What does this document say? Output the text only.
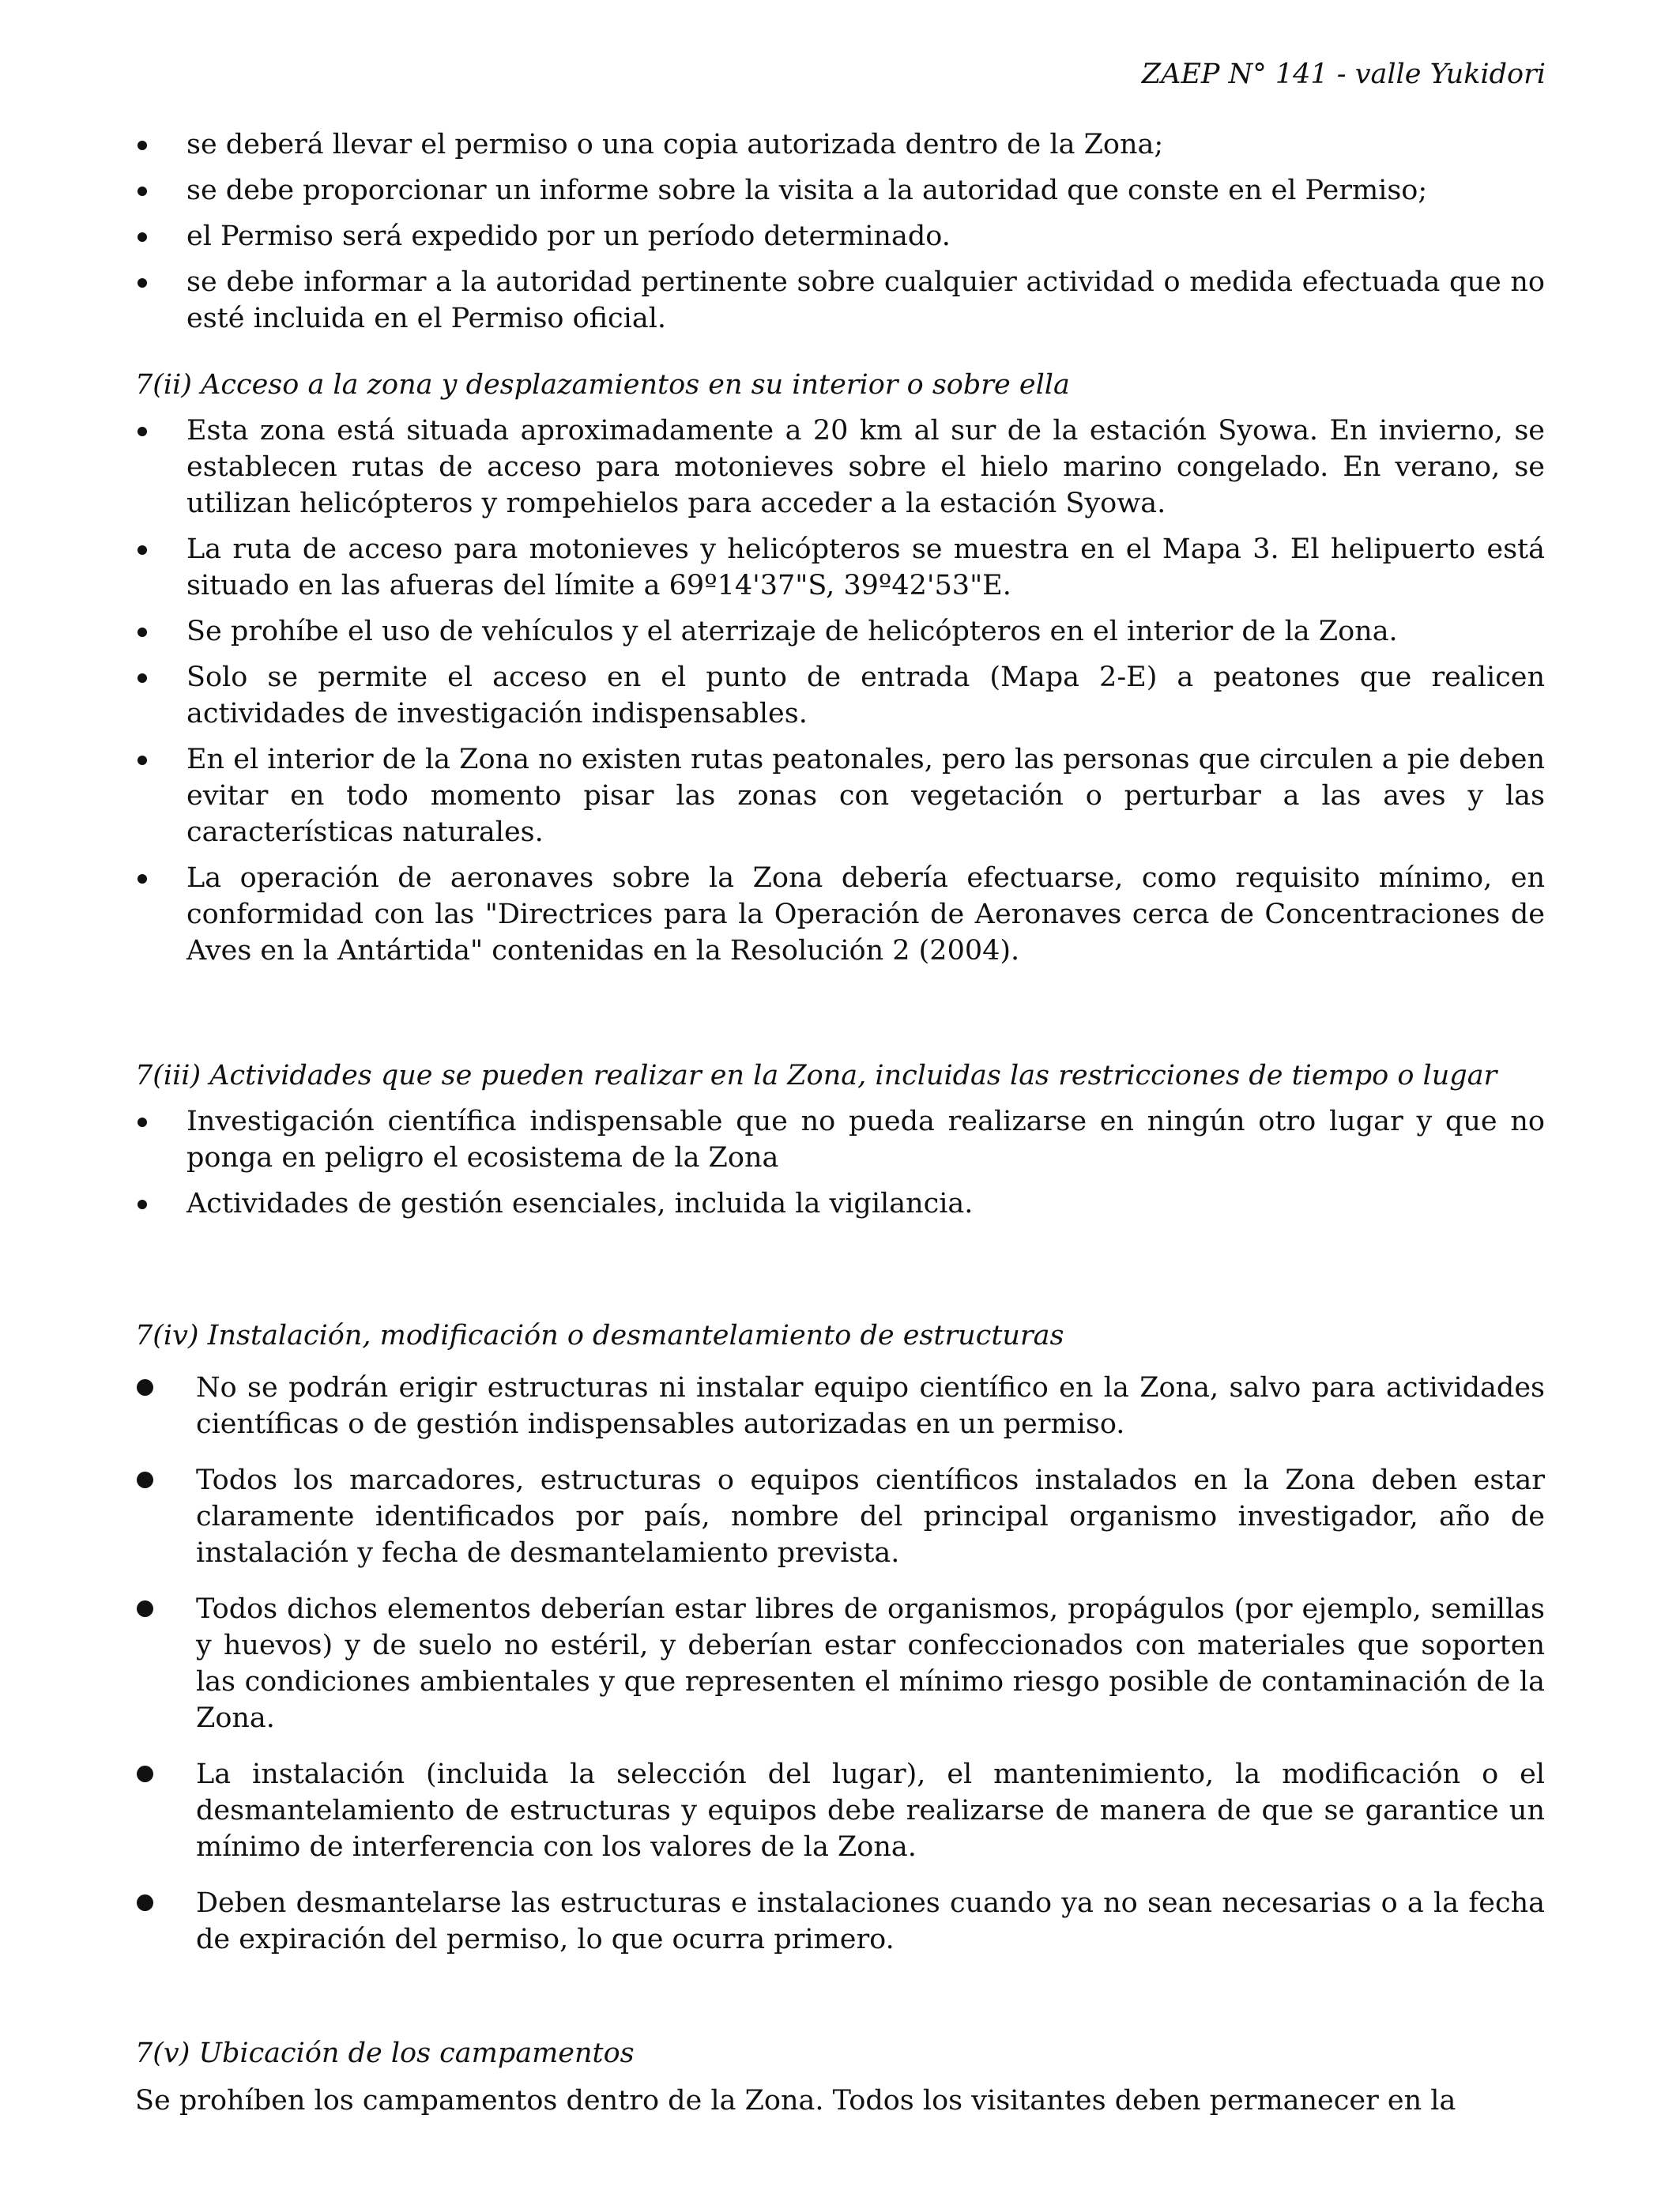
ZAEP N° 141 - valle Yukidori
se deberá llevar el permiso o una copia autorizada dentro de la Zona;
se debe proporcionar un informe sobre la visita a la autoridad que conste en el Permiso;
el Permiso será expedido por un período determinado.
se debe informar a la autoridad pertinente sobre cualquier actividad o medida efectuada que no esté incluida en el Permiso oficial.
7(ii) Acceso a la zona y desplazamientos en su interior o sobre ella
Esta zona está situada aproximadamente a 20 km al sur de la estación Syowa. En invierno, se establecen rutas de acceso para motonieves sobre el hielo marino congelado. En verano, se utilizan helicópteros y rompehielos para acceder a la estación Syowa.
La ruta de acceso para motonieves y helicópteros se muestra en el Mapa 3. El helipuerto está situado en las afueras del límite a 69º14'37"S, 39º42'53"E.
Se prohíbe el uso de vehículos y el aterrizaje de helicópteros en el interior de la Zona.
Solo se permite el acceso en el punto de entrada (Mapa 2-E) a peatones que realicen actividades de investigación indispensables.
En el interior de la Zona no existen rutas peatonales, pero las personas que circulen a pie deben evitar en todo momento pisar las zonas con vegetación o perturbar a las aves y las características naturales.
La operación de aeronaves sobre la Zona debería efectuarse, como requisito mínimo, en conformidad con las "Directrices para la Operación de Aeronaves cerca de Concentraciones de Aves en la Antártida" contenidas en la Resolución 2 (2004).
7(iii) Actividades que se pueden realizar en la Zona, incluidas las restricciones de tiempo o lugar
Investigación científica indispensable que no pueda realizarse en ningún otro lugar y que no ponga en peligro el ecosistema de la Zona
Actividades de gestión esenciales, incluida la vigilancia.
7(iv) Instalación, modificación o desmantelamiento de estructuras
No se podrán erigir estructuras ni instalar equipo científico en la Zona, salvo para actividades científicas o de gestión indispensables autorizadas en un permiso.
Todos los marcadores, estructuras o equipos científicos instalados en la Zona deben estar claramente identificados por país, nombre del principal organismo investigador, año de instalación y fecha de desmantelamiento prevista.
Todos dichos elementos deberían estar libres de organismos, propágulos (por ejemplo, semillas y huevos) y de suelo no estéril, y deberían estar confeccionados con materiales que soporten las condiciones ambientales y que representen el mínimo riesgo posible de contaminación de la Zona.
La instalación (incluida la selección del lugar), el mantenimiento, la modificación o el desmantelamiento de estructuras y equipos debe realizarse de manera de que se garantice un mínimo de interferencia con los valores de la Zona.
Deben desmantelarse las estructuras e instalaciones cuando ya no sean necesarias o a la fecha de expiración del permiso, lo que ocurra primero.
7(v) Ubicación de los campamentos

Se prohíben los campamentos dentro de la Zona. Todos los visitantes deben permanecer en la
